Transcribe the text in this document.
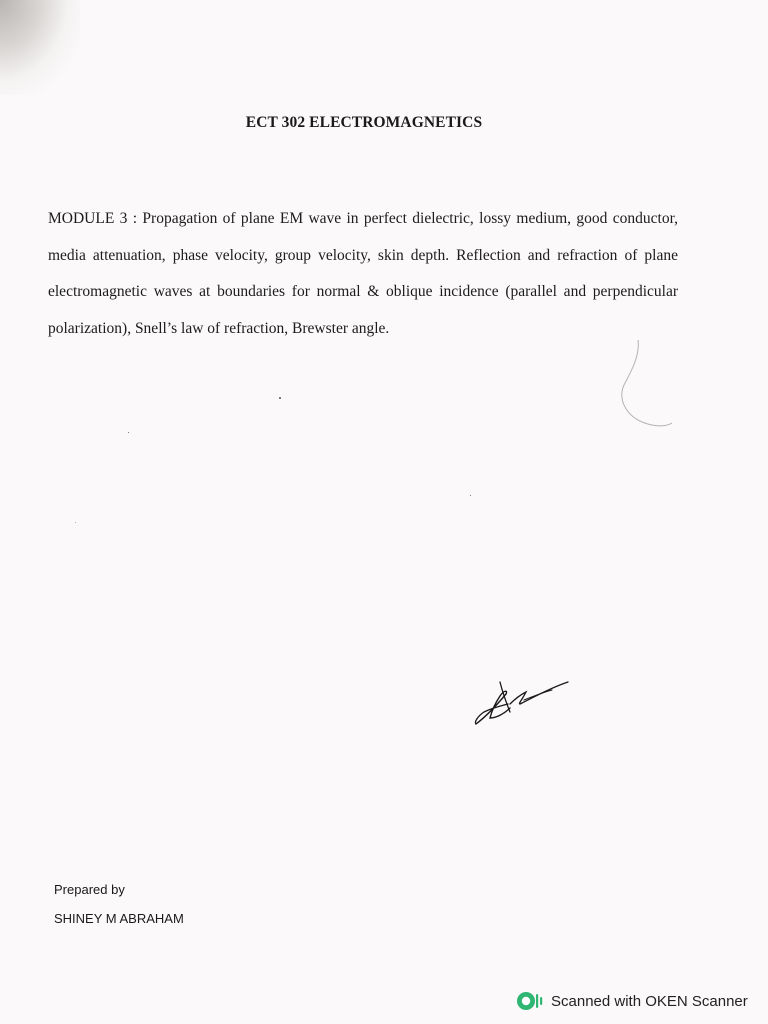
ECT 302 ELECTROMAGNETICS
MODULE 3 : Propagation of plane EM wave in perfect dielectric, lossy medium, good conductor, media attenuation, phase velocity, group velocity, skin depth. Reflection and refraction of plane electromagnetic waves at boundaries for normal & oblique incidence (parallel and perpendicular polarization), Snell’s law of refraction, Brewster angle.
Prepared by
SHINEY M ABRAHAM
Scanned with OKEN Scanner
